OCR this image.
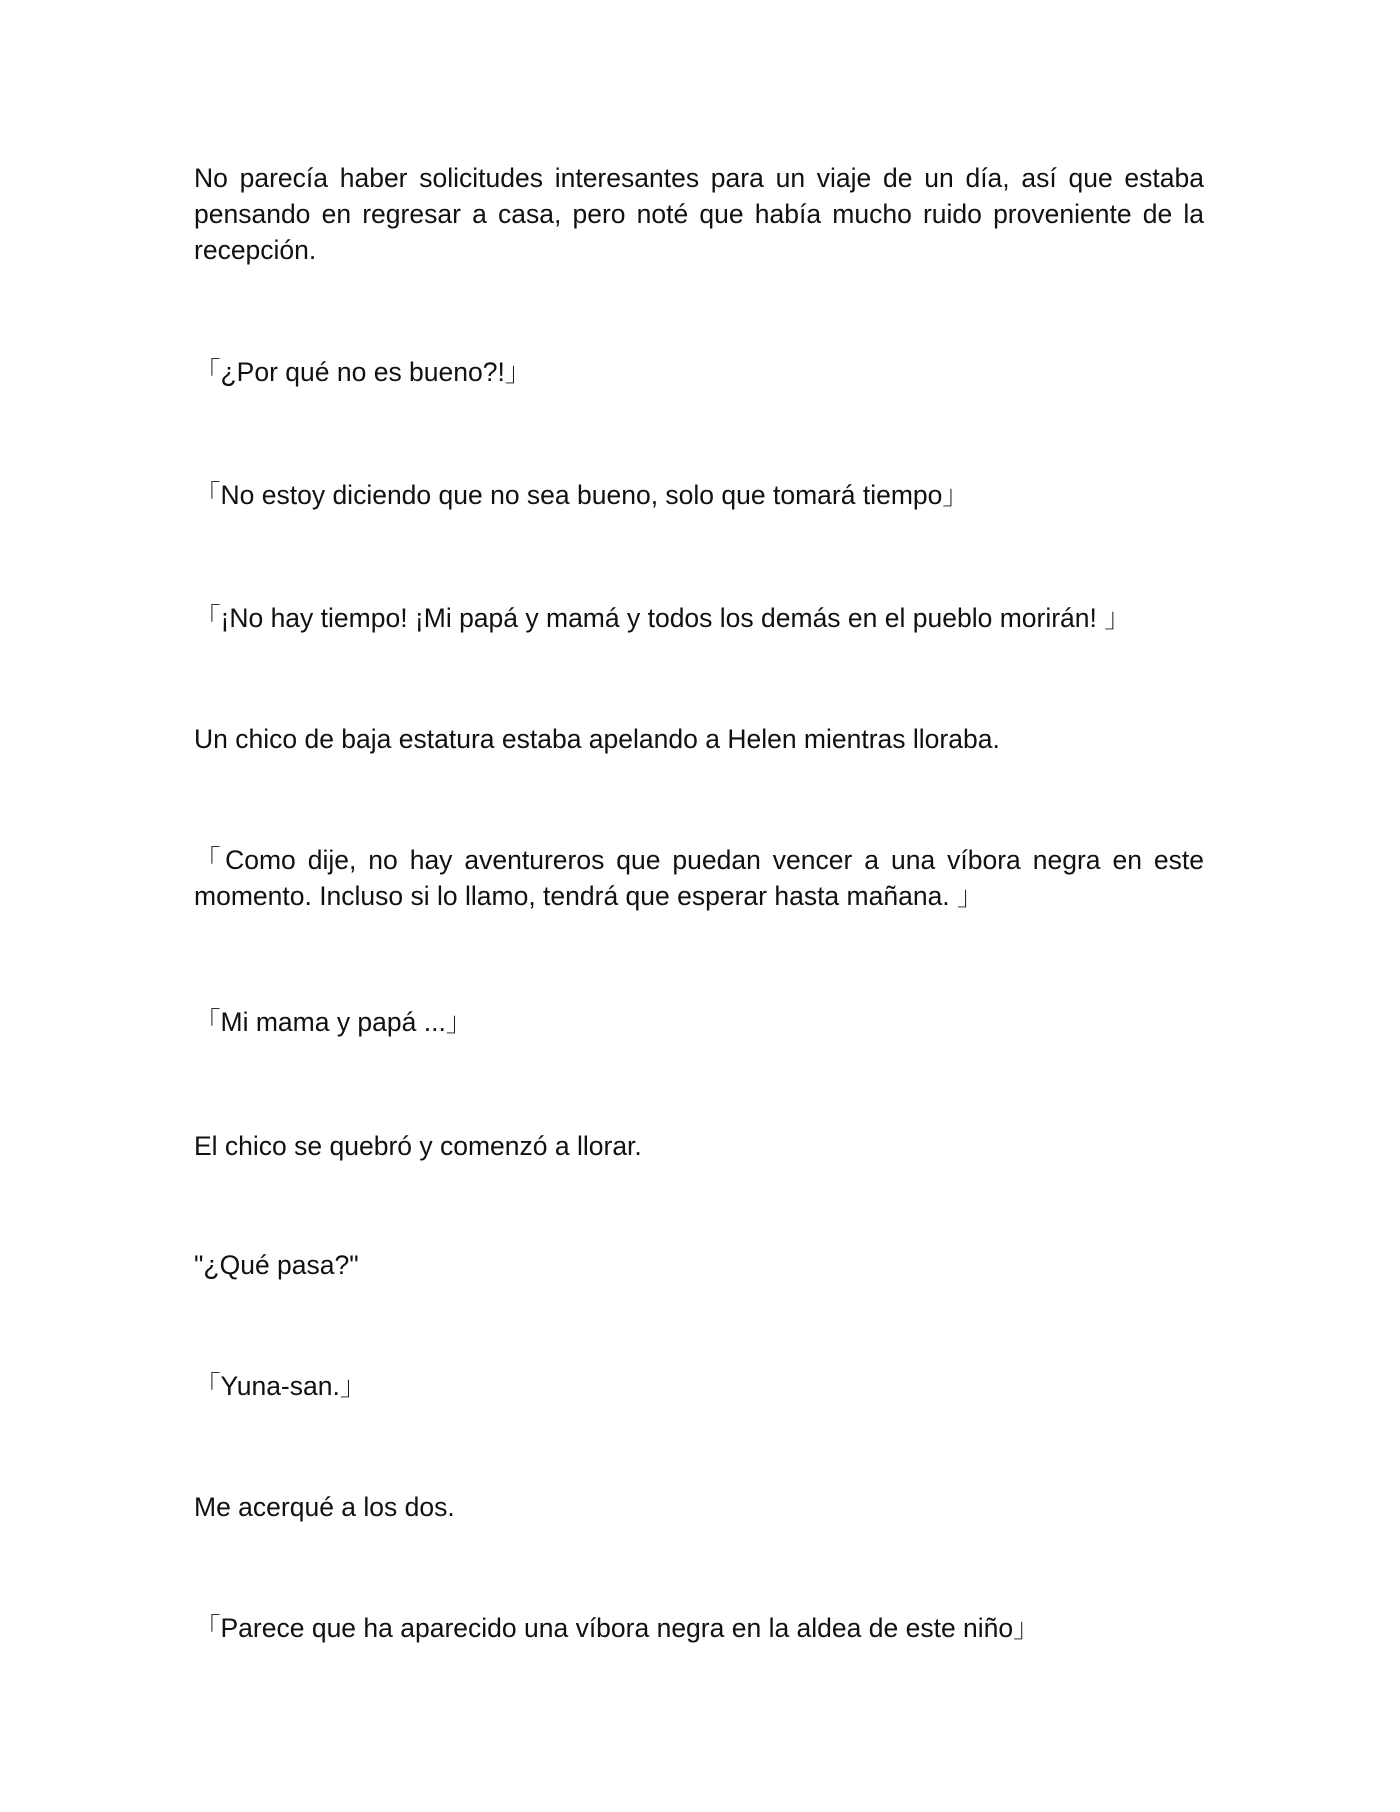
No parecía haber solicitudes interesantes para un viaje de un día, así que estaba pensando en regresar a casa, pero noté que había mucho ruido proveniente de la recepción.

「¿Por qué no es bueno?!」

「No estoy diciendo que no sea bueno, solo que tomará tiempo」

「¡No hay tiempo! ¡Mi papá y mamá y todos los demás en el pueblo morirán! 」

Un chico de baja estatura estaba apelando a Helen mientras lloraba.

「Como dije, no hay aventureros que puedan vencer a una víbora negra en este momento. Incluso si lo llamo, tendrá que esperar hasta mañana. 」

「Mi mama y papá ...」

El chico se quebró y comenzó a llorar.

"¿Qué pasa?"

「Yuna-san.」

Me acerqué a los dos.

「Parece que ha aparecido una víbora negra en la aldea de este niño」
